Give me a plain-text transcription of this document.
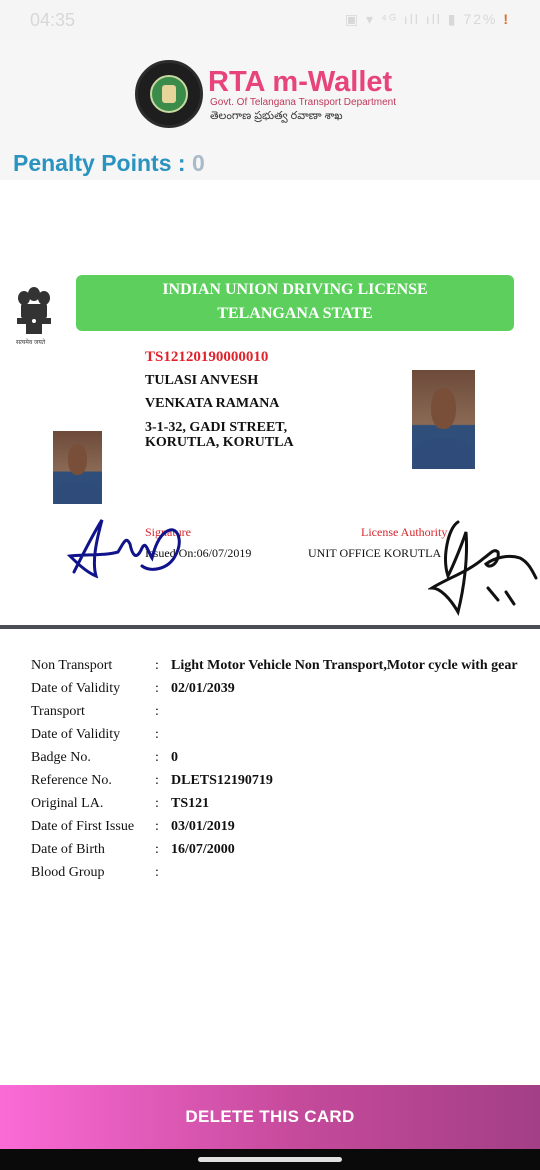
04:35	▣ ▾ ⁴ᴳ ıll ıll ▮ 72% !
RTA m-Wallet
Govt. Of Telangana Transport Department
తెలంగాణ ప్రభుత్వ రవాణా శాఖ
Penalty Points : 0
सत्यमेव जयते
INDIAN UNION DRIVING LICENSE
TELANGANA STATE
TS12120190000010
TULASI ANVESH
VENKATA RAMANA
3-1-32, GADI STREET,
KORUTLA, KORUTLA
Signature	License Authority
Issued On:06/07/2019	UNIT OFFICE KORUTLA
Non Transport	: Light Motor Vehicle Non Transport,Motor cycle with gear
Date of Validity	: 02/01/2039
Transport	:
Date of Validity	:
Badge No.	: 0
Reference No.	: DLETS12190719
Original LA.	: TS121
Date of First Issue	: 03/01/2019
Date of Birth	: 16/07/2000
Blood Group	:
DELETE THIS CARD
